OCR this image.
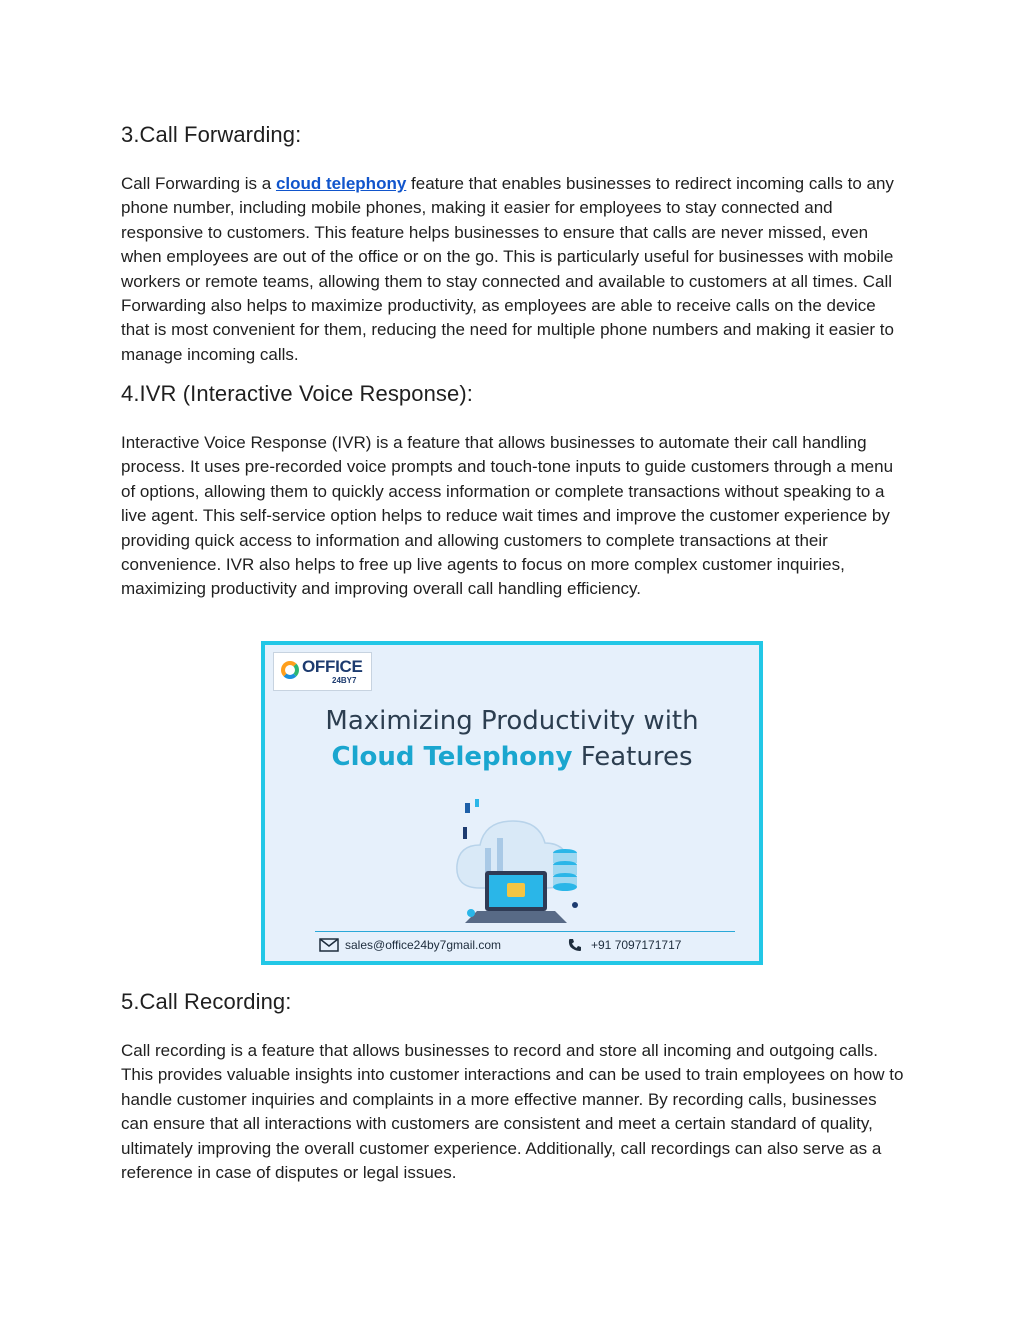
3.Call Forwarding:

Call Forwarding is a cloud telephony feature that enables businesses to redirect incoming calls to any phone number, including mobile phones, making it easier for employees to stay connected and responsive to customers. This feature helps businesses to ensure that calls are never missed, even when employees are out of the office or on the go. This is particularly useful for businesses with mobile workers or remote teams, allowing them to stay connected and available to customers at all times. Call Forwarding also helps to maximize productivity, as employees are able to receive calls on the device that is most convenient for them, reducing the need for multiple phone numbers and making it easier to manage incoming calls.

4.IVR (Interactive Voice Response):

Interactive Voice Response (IVR) is a feature that allows businesses to automate their call handling process. It uses pre-recorded voice prompts and touch-tone inputs to guide customers through a menu of options, allowing them to quickly access information or complete transactions without speaking to a live agent. This self-service option helps to reduce wait times and improve the customer experience by providing quick access to information and allowing customers to complete transactions at their convenience. IVR also helps to free up live agents to focus on more complex customer inquiries, maximizing productivity and improving overall call handling efficiency.

OFFICE
24BY7
Maximizing Productivity with
Cloud Telephony Features
sales@office24by7gmail.com	+91 7097171717
5.Call Recording:

Call recording is a feature that allows businesses to record and store all incoming and outgoing calls. This provides valuable insights into customer interactions and can be used to train employees on how to handle customer inquiries and complaints in a more effective manner. By recording calls, businesses can ensure that all interactions with customers are consistent and meet a certain standard of quality, ultimately improving the overall customer experience. Additionally, call recordings can also serve as a reference in case of disputes or legal issues.
